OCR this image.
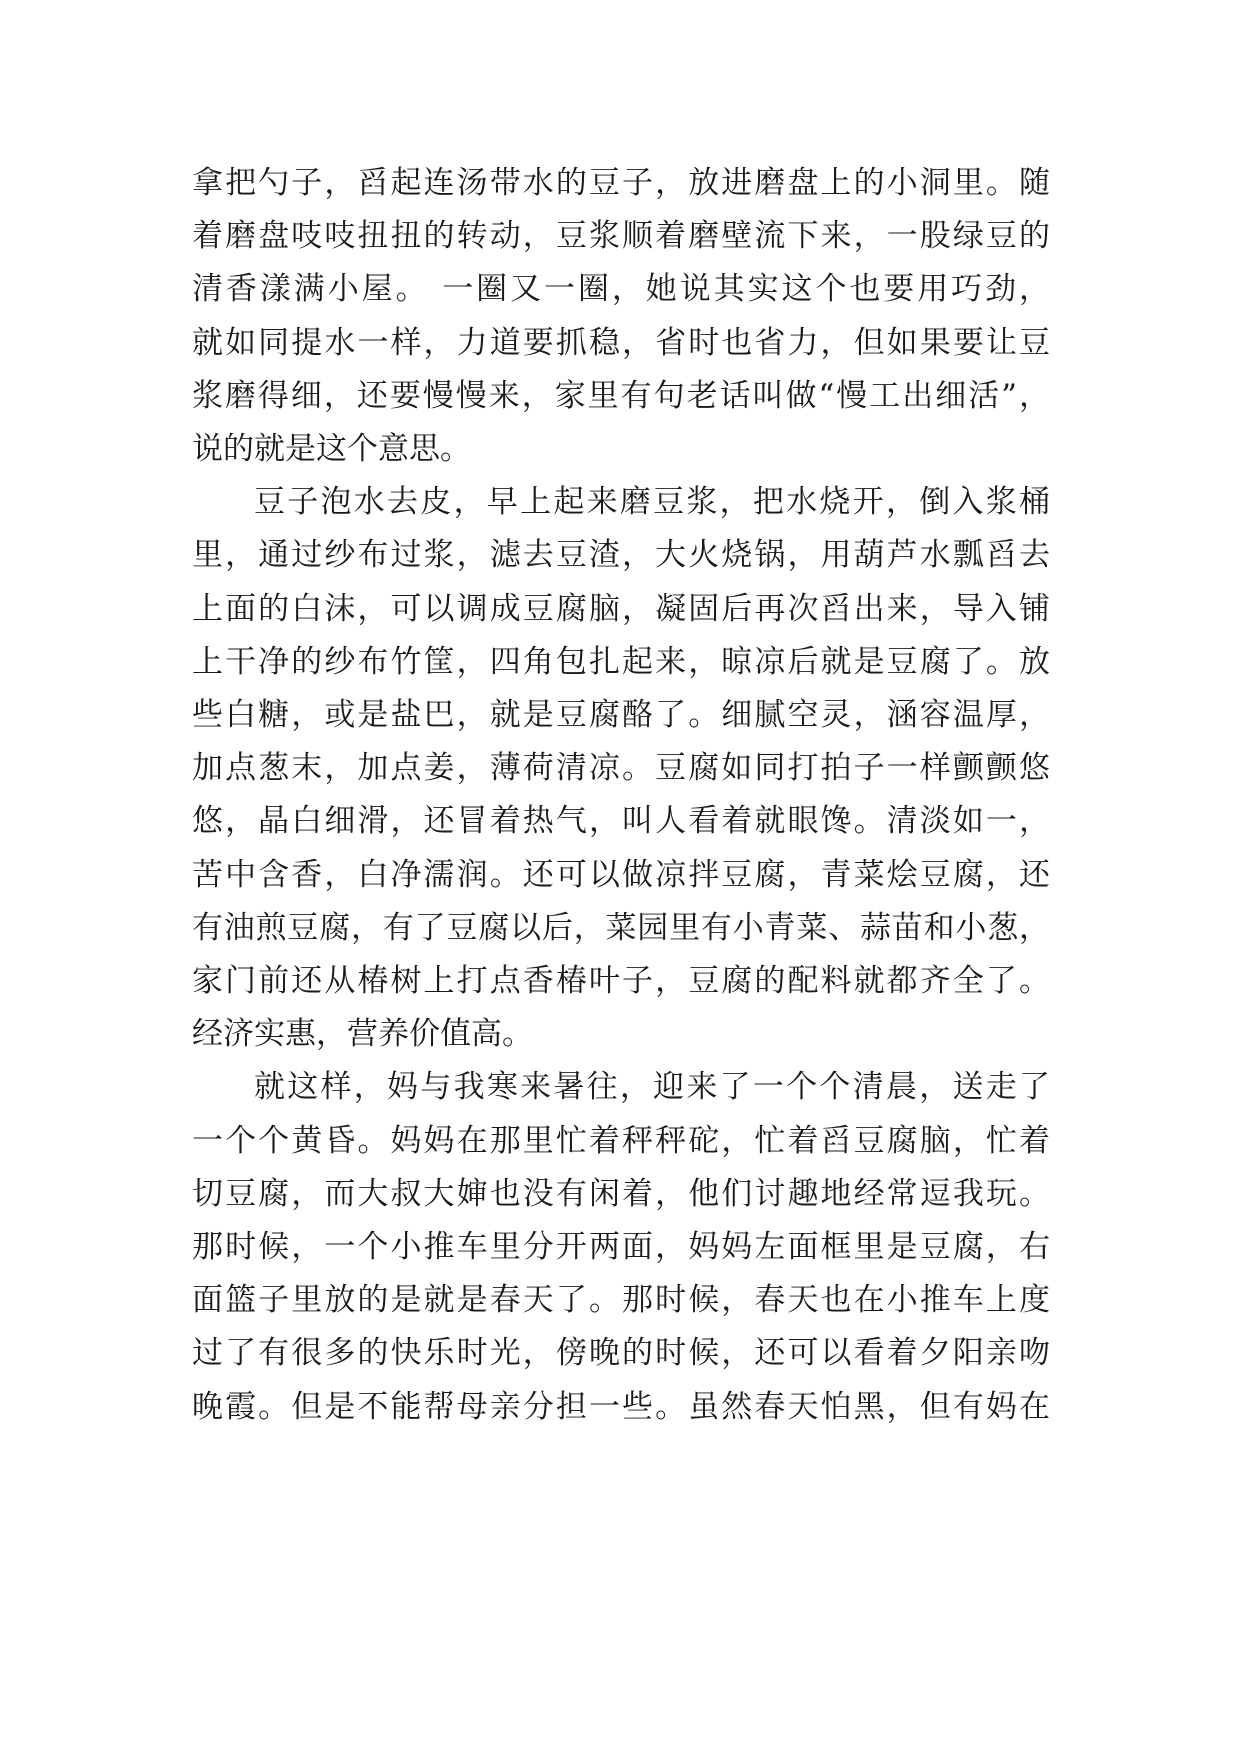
拿把勺子，舀起连汤带水的豆子，放进磨盘上的小洞里。随
着磨盘吱吱扭扭的转动，豆浆顺着磨壁流下来，一股绿豆的
清香漾满小屋。 一圈又一圈，她说其实这个也要用巧劲，
就如同提水一样，力道要抓稳，省时也省力，但如果要让豆
浆磨得细，还要慢慢来，家里有句老话叫做“慢工出细活”，
说的就是这个意思。
豆子泡水去皮，早上起来磨豆浆，把水烧开，倒入浆桶
里，通过纱布过浆，滤去豆渣，大火烧锅，用葫芦水瓢舀去
上面的白沫，可以调成豆腐脑，凝固后再次舀出来，导入铺
上干净的纱布竹筐，四角包扎起来，晾凉后就是豆腐了。放
些白糖，或是盐巴，就是豆腐酪了。细腻空灵，涵容温厚，
加点葱末，加点姜，薄荷清凉。豆腐如同打拍子一样颤颤悠
悠，晶白细滑，还冒着热气，叫人看着就眼馋。清淡如一，
苦中含香，白净濡润。还可以做凉拌豆腐，青菜烩豆腐，还
有油煎豆腐，有了豆腐以后，菜园里有小青菜、蒜苗和小葱，
家门前还从椿树上打点香椿叶子，豆腐的配料就都齐全了。
经济实惠，营养价值高。
就这样，妈与我寒来暑往，迎来了一个个清晨，送走了
一个个黄昏。妈妈在那里忙着秤秤砣，忙着舀豆腐脑，忙着
切豆腐，而大叔大婶也没有闲着，他们讨趣地经常逗我玩。
那时候，一个小推车里分开两面，妈妈左面框里是豆腐，右
面篮子里放的是就是春天了。那时候，春天也在小推车上度
过了有很多的快乐时光，傍晚的时候，还可以看着夕阳亲吻
晚霞。但是不能帮母亲分担一些。虽然春天怕黑，但有妈在
